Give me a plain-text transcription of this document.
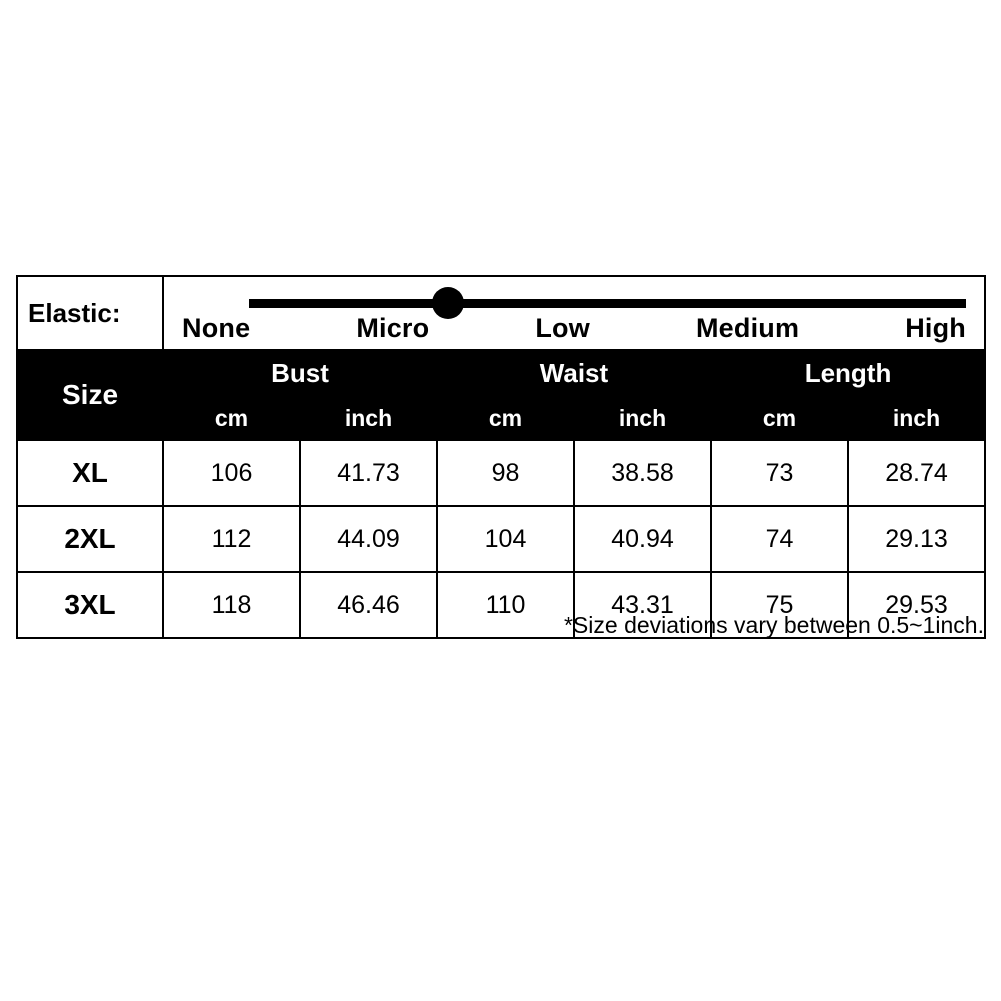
Elastic:	None Micro Low Medium High					

Size	Bust		Waist		Length	
	cm	inch	cm	inch	cm	inch
XL	106	41.73	98	38.58	73	28.74
2XL	112	44.09	104	40.94	74	29.13
3XL	118	46.46	110	43.31	75	29.53
*Size deviations vary between 0.5~1inch.
